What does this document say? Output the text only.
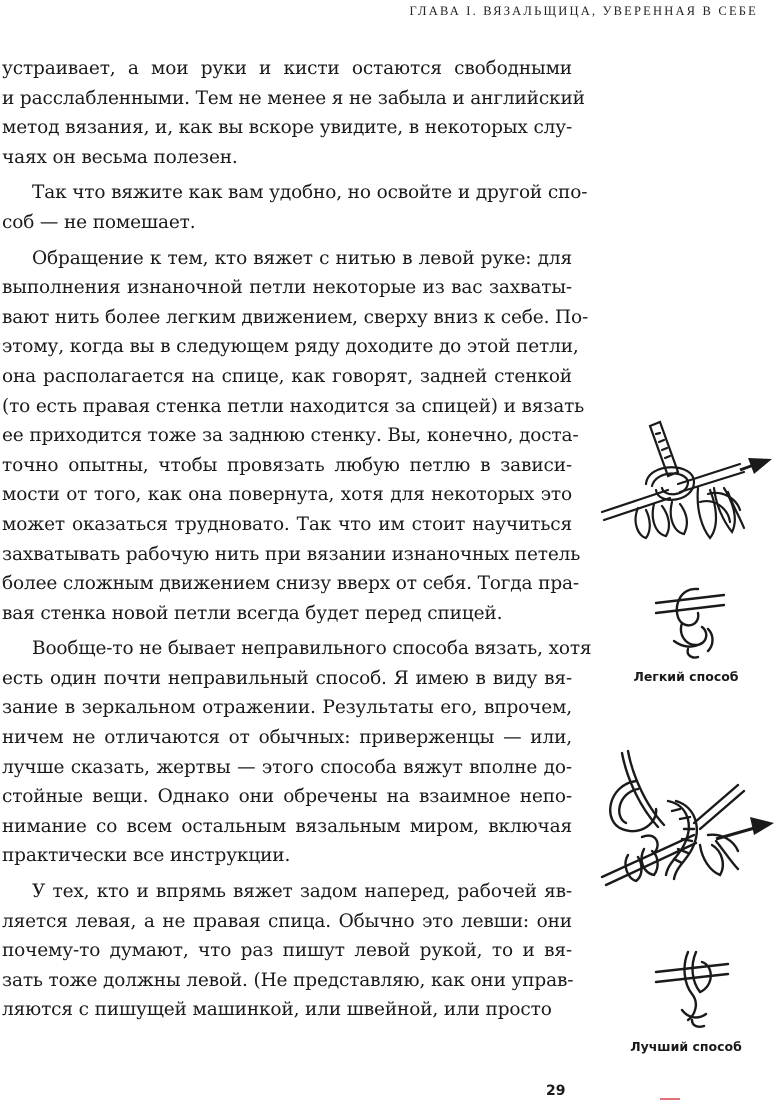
ГЛАВА I. ВЯЗАЛЬЩИЦА, УВЕРЕННАЯ В СЕБЕ
устраивает, а мои руки и кисти остаются свободными
и расслабленными. Тем не менее я не забыла и английский
метод вязания, и, как вы вскоре увидите, в некоторых слу-
чаях он весьма полезен.
Так что вяжите как вам удобно, но освойте и другой спо-
соб — не помешает.
Обращение к тем, кто вяжет с нитью в левой руке: для
выполнения изнаночной петли некоторые из вас захваты-
вают нить более легким движением, сверху вниз к себе. По-
этому, когда вы в следующем ряду доходите до этой петли,
она располагается на спице, как говорят, задней стенкой
(то есть правая стенка петли находится за спицей) и вязать
ее приходится тоже за заднюю стенку. Вы, конечно, доста-
точно опытны, чтобы провязать любую петлю в зависи-
мости от того, как она повернута, хотя для некоторых это
может оказаться трудновато. Так что им стоит научиться
захватывать рабочую нить при вязании изнаночных петель
более сложным движением снизу вверх от себя. Тогда пра-
вая стенка новой петли всегда будет перед спицей.
Вообще-то не бывает неправильного способа вязать, хотя
есть один почти неправильный способ. Я имею в виду вя-
зание в зеркальном отражении. Результаты его, впрочем,
ничем не отличаются от обычных: приверженцы — или,
лучше сказать, жертвы — этого способа вяжут вполне до-
стойные вещи. Однако они обречены на взаимное непо-
нимание со всем остальным вязальным миром, включая
практически все инструкции.
У тех, кто и впрямь вяжет задом наперед, рабочей яв-
ляется левая, а не правая спица. Обычно это левши: они
почему-то думают, что раз пишут левой рукой, то и вя-
зать тоже должны левой. (Не представляю, как они управ-
ляются с пишущей машинкой, или швейной, или просто
Легкий способ
Лучший способ
29
